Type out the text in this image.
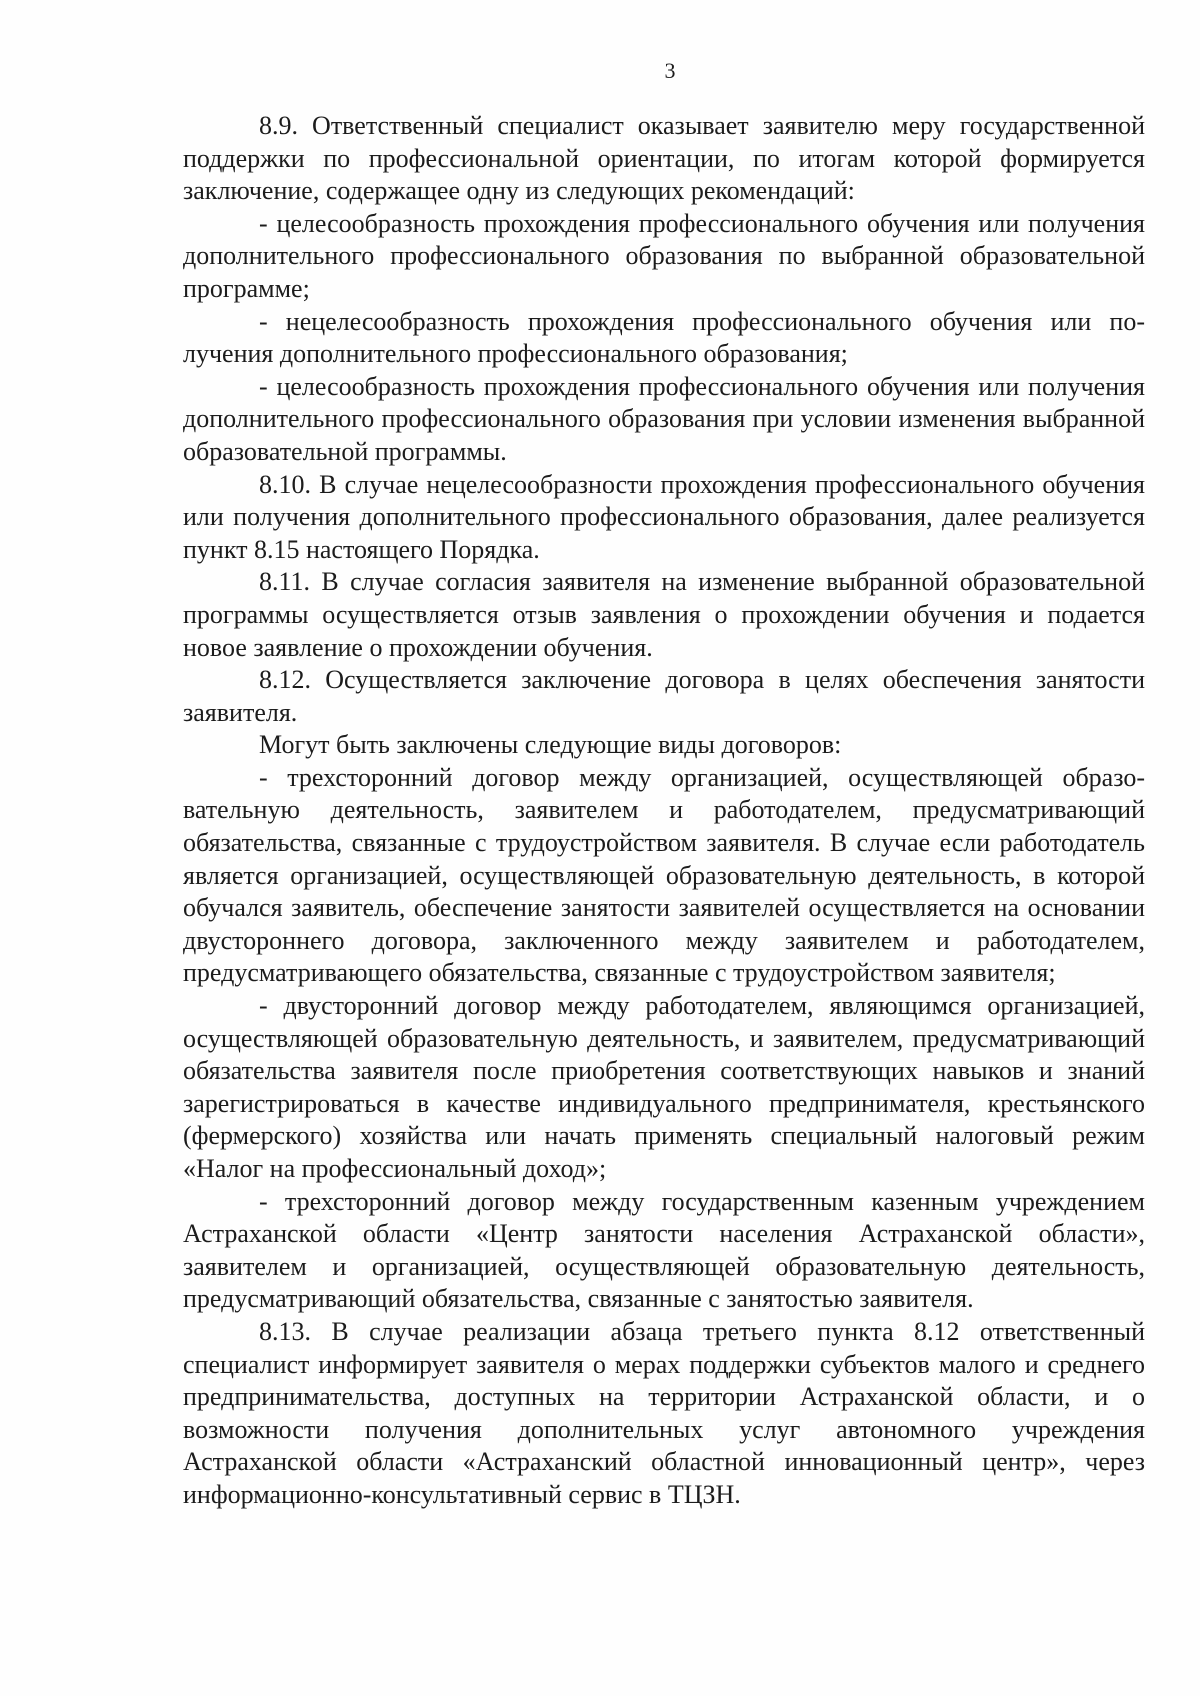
3

8.9. Ответственный специалист оказывает заявителю меру государственной поддержки по профессиональной ориентации, по итогам которой формируется заключение, содержащее одну из следующих рекомендаций:

- целесообразность прохождения профессионального обучения или получения дополнительного профессионального образования по выбранной образовательной программе;

- нецелесообразность прохождения профессионального обучения или получения дополнительного профессионального образования;

- целесообразность прохождения профессионального обучения или получения дополнительного профессионального образования при условии изменения выбранной образовательной программы.

8.10. В случае нецелесообразности прохождения профессионального обучения или получения дополнительного профессионального образования, далее реализуется пункт 8.15 настоящего Порядка.

8.11. В случае согласия заявителя на изменение выбранной образовательной программы осуществляется отзыв заявления о прохождении обучения и подается новое заявление о прохождении обучения.

8.12. Осуществляется заключение договора в целях обеспечения занятости заявителя.

Могут быть заключены следующие виды договоров:

- трехсторонний договор между организацией, осуществляющей образовательную деятельность, заявителем и работодателем, предусматривающий обязательства, связанные с трудоустройством заявителя. В случае если работодатель является организацией, осуществляющей образовательную деятельность, в которой обучался заявитель, обеспечение занятости заявителей осуществляется на основании двустороннего договора, заключенного между заявителем и работодателем, предусматривающего обязательства, связанные с трудоустройством заявителя;

- двусторонний договор между работодателем, являющимся организацией, осуществляющей образовательную деятельность, и заявителем, предусматривающий обязательства заявителя после приобретения соответствующих навыков и знаний зарегистрироваться в качестве индивидуального предпринимателя, крестьянского (фермерского) хозяйства или начать применять специальный налоговый режим «Налог на профессиональный доход»;

- трехсторонний договор между государственным казенным учреждением Астраханской области «Центр занятости населения Астраханской области», заявителем и организацией, осуществляющей образовательную деятельность, предусматривающий обязательства, связанные с занятостью заявителя.

8.13. В случае реализации абзаца третьего пункта 8.12 ответственный специалист информирует заявителя о мерах поддержки субъектов малого и среднего предпринимательства, доступных на территории Астраханской области, и о возможности получения дополнительных услуг автономного учреждения Астраханской области «Астраханский областной инновационный центр», через информационно-консультативный сервис в ТЦЗН.
